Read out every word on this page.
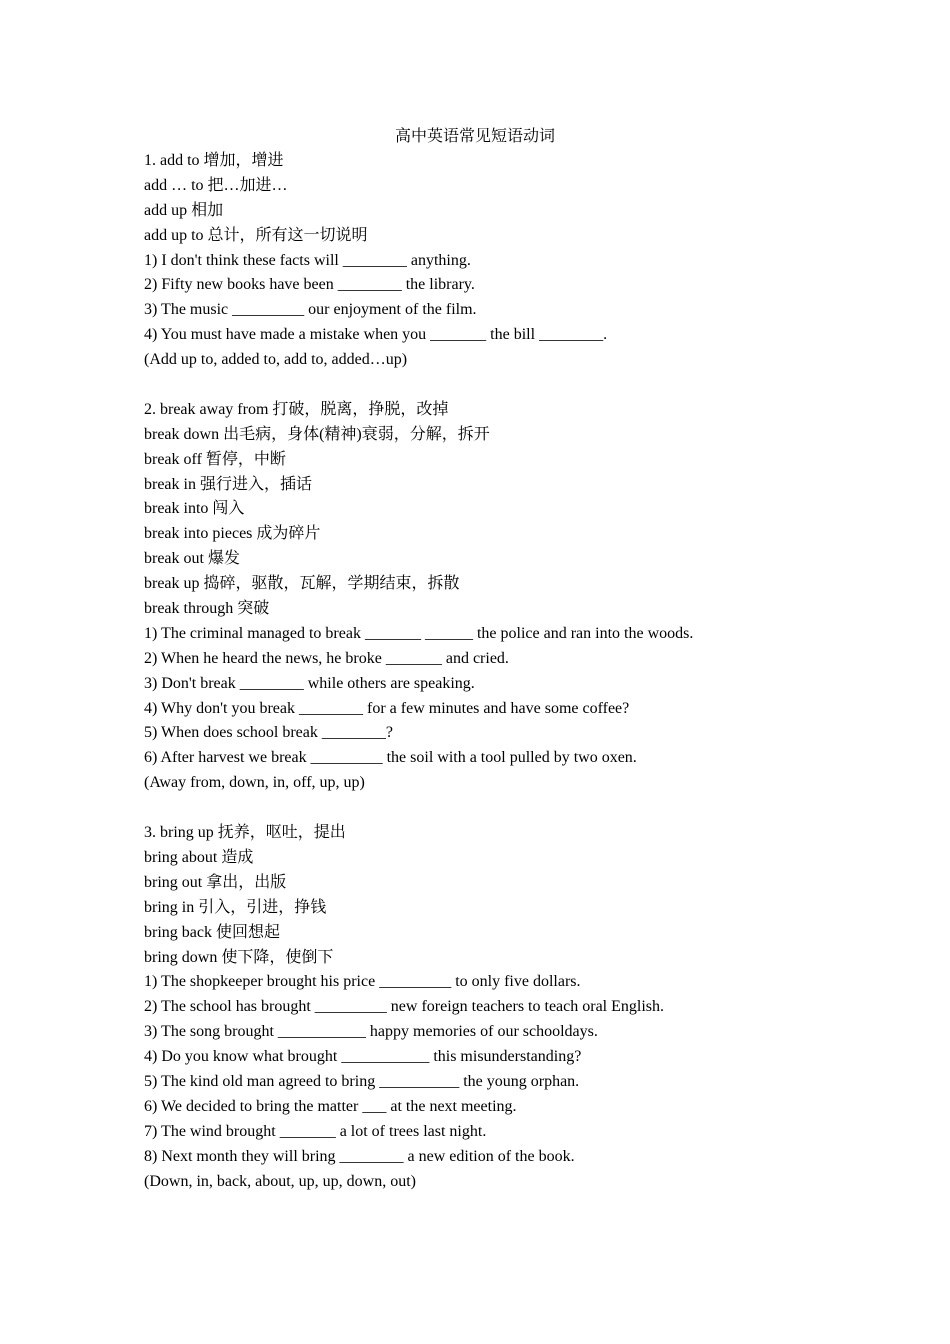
高中英语常见短语动词
1. add to 增加，增进
add … to 把…加进…
add up 相加
add up to 总计，所有这一切说明
1) I don't think these facts will ________ anything.
2) Fifty new books have been ________ the library.
3) The music _________ our enjoyment of the film.
4) You must have made a mistake when you _______ the bill ________.
(Add up to, added to, add to, added…up)
2. break away from 打破，脱离，挣脱，改掉
break down 出毛病，身体(精神)衰弱，分解，拆开
break off 暂停，中断
break in 强行进入，插话
break into 闯入
break into pieces 成为碎片
break out 爆发
break up 捣碎，驱散，瓦解，学期结束，拆散
break through 突破
1) The criminal managed to break _______ ______ the police and ran into the woods.
2) When he heard the news, he broke _______ and cried.
3) Don't break ________ while others are speaking.
4) Why don't you break ________ for a few minutes and have some coffee?
5) When does school break ________?
6) After harvest we break _________ the soil with a tool pulled by two oxen.
(Away from, down, in, off, up, up)
3. bring up 抚养，呕吐，提出
bring about 造成
bring out 拿出，出版
bring in 引入，引进，挣钱
bring back 使回想起
bring down 使下降，使倒下
1) The shopkeeper brought his price _________ to only five dollars.
2) The school has brought _________ new foreign teachers to teach oral English.
3) The song brought ___________ happy memories of our schooldays.
4) Do you know what brought ___________ this misunderstanding?
5) The kind old man agreed to bring __________ the young orphan.
6) We decided to bring the matter ___ at the next meeting.
7) The wind brought _______ a lot of trees last night.
8) Next month they will bring ________ a new edition of the book.
(Down, in, back, about, up, up, down, out)
